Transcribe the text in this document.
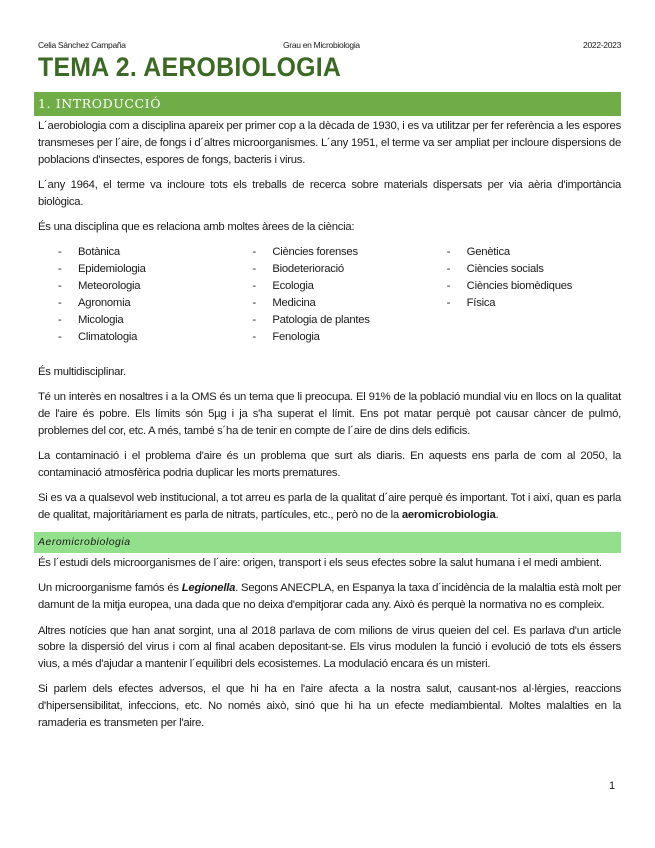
Celia Sánchez Campaña	Grau en Microbiologia	2022-2023
TEMA 2. AEROBIOLOGIA
1. INTRODUCCIÓ

L´aerobiologia com a disciplina apareix per primer cop a la dècada de 1930, i es va utilitzar per fer referència a les espores transmeses per l´aire, de fongs i d´altres microorganismes. L´any 1951, el terme va ser ampliat per incloure dispersions de poblacions d'insectes, espores de fongs, bacteris i virus.

L´any 1964, el terme va incloure tots els treballs de recerca sobre materials dispersats per via aèria d'importància biològica.

És una disciplina que es relaciona amb moltes àrees de la ciència:

-	Botànica
-	Epidemiologia
-	Meteorologia
-	Agronomia
-	Micologia
-	Climatologia
-	Ciències forenses
-	Biodeterioració
-	Ecologia
-	Medicina
-	Patologia de plantes
-	Fenologia
-	Genètica
-	Ciències socials
-	Ciències biomèdiques
-	Física

És multidisciplinar.

Té un interès en nosaltres i a la OMS és un tema que li preocupa. El 91% de la població mundial viu en llocs on la qualitat de l'aire és pobre. Els límits són 5µg i ja s'ha superat el límit. Ens pot matar perquè pot causar càncer de pulmó, problemes del cor, etc. A més, també s´ha de tenir en compte de l´aire de dins dels edificis.

La contaminació i el problema d'aire és un problema que surt als diaris. En aquests ens parla de com al 2050, la contaminació atmosfèrica podria duplicar les morts prematures.

Si es va a qualsevol web institucional, a tot arreu es parla de la qualitat d´aire perquè és important. Tot i així, quan es parla de qualitat, majoritàriament es parla de nitrats, partícules, etc., però no de la aeromicrobiologia.

Aeromicrobiologia

És l´estudi dels microorganismes de l´aire: origen, transport i els seus efectes sobre la salut humana i el medi ambient.

Un microorganisme famós és Legionella. Segons ANECPLA, en Espanya la taxa d´incidència de la malaltia està molt per damunt de la mitja europea, una dada que no deixa d'empitjorar cada any. Això és perquè la normativa no es compleix.

Altres notícies que han anat sorgint, una al 2018 parlava de com milions de virus queien del cel. Es parlava d'un article sobre la dispersió del virus i com al final acaben depositant-se. Els virus modulen la funció i evolució de tots els éssers vius, a més d'ajudar a mantenir l´equilibri dels ecosistemes. La modulació encara és un misteri.

Si parlem dels efectes adversos, el que hi ha en l'aire afecta a la nostra salut, causant-nos al·lèrgies, reaccions d'hipersensibilitat, infeccions, etc. No només això, sinó que hi ha un efecte mediambiental. Moltes malalties en la ramaderia es transmeten per l'aire.

1
